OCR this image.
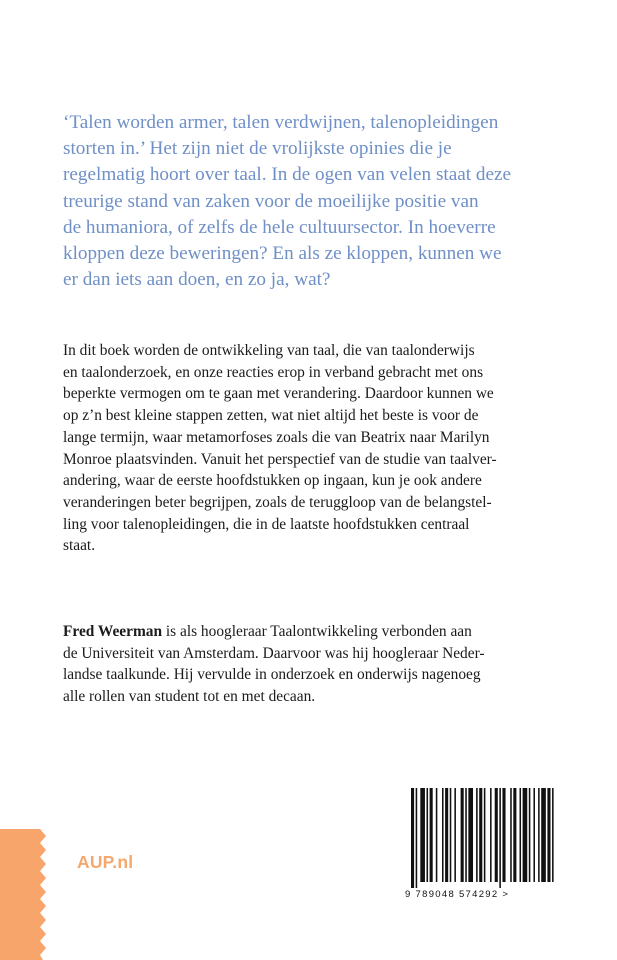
‘Talen worden armer, talen verdwijnen, talenopleidingen
storten in.’ Het zijn niet de vrolijkste opinies die je
regelmatig hoort over taal. In de ogen van velen staat deze
treurige stand van zaken voor de moeilijke positie van
de humaniora, of zelfs de hele cultuursector. In hoeverre
kloppen deze beweringen? En als ze kloppen, kunnen we
er dan iets aan doen, en zo ja, wat?
In dit boek worden de ontwikkeling van taal, die van taalonderwijs
en taalonderzoek, en onze reacties erop in verband gebracht met ons
beperkte vermogen om te gaan met verandering. Daardoor kunnen we
op z’n best kleine stappen zetten, wat niet altijd het beste is voor de
lange termijn, waar metamorfoses zoals die van Beatrix naar Marilyn
Monroe plaatsvinden. Vanuit het perspectief van de studie van taalver-
andering, waar de eerste hoofdstukken op ingaan, kun je ook andere
veranderingen beter begrijpen, zoals de teruggloop van de belangstel-
ling voor talenopleidingen, die in de laatste hoofdstukken centraal
staat.
Fred Weerman is als hoogleraar Taalontwikkeling verbonden aan
de Universiteit van Amsterdam. Daarvoor was hij hoogleraar Neder-
landse taalkunde. Hij vervulde in onderzoek en onderwijs nagenoeg
alle rollen van student tot en met decaan.
AUP.nl
9 789048 574292 >
